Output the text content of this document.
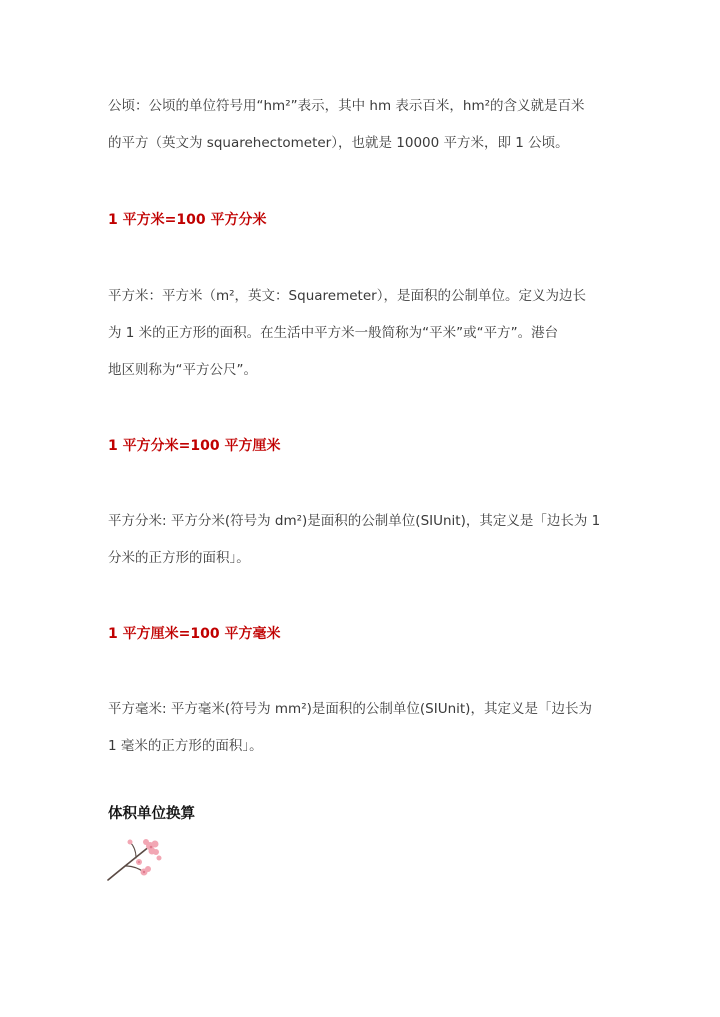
公顷：公顷的单位符号用“hm²”表示，其中 hm 表示百米，hm²的含义就是百米
的平方（英文为 squarehectometer），也就是 10000 平方米，即 1 公顷。

1 平方米=100 平方分米

平方米：平方米（m²，英文：Squaremeter），是面积的公制单位。定义为边长
为 1 米的正方形的面积。在生活中平方米一般简称为“平米”或“平方”。港台
地区则称为“平方公尺”。

1 平方分米=100 平方厘米

平方分米: 平方分米(符号为 dm²)是面积的公制单位(SIUnit)，其定义是「边长为 1
分米的正方形的面积」。

1 平方厘米=100 平方毫米

平方毫米: 平方毫米(符号为 mm²)是面积的公制单位(SIUnit)，其定义是「边长为
1 毫米的正方形的面积」。

体积单位换算
